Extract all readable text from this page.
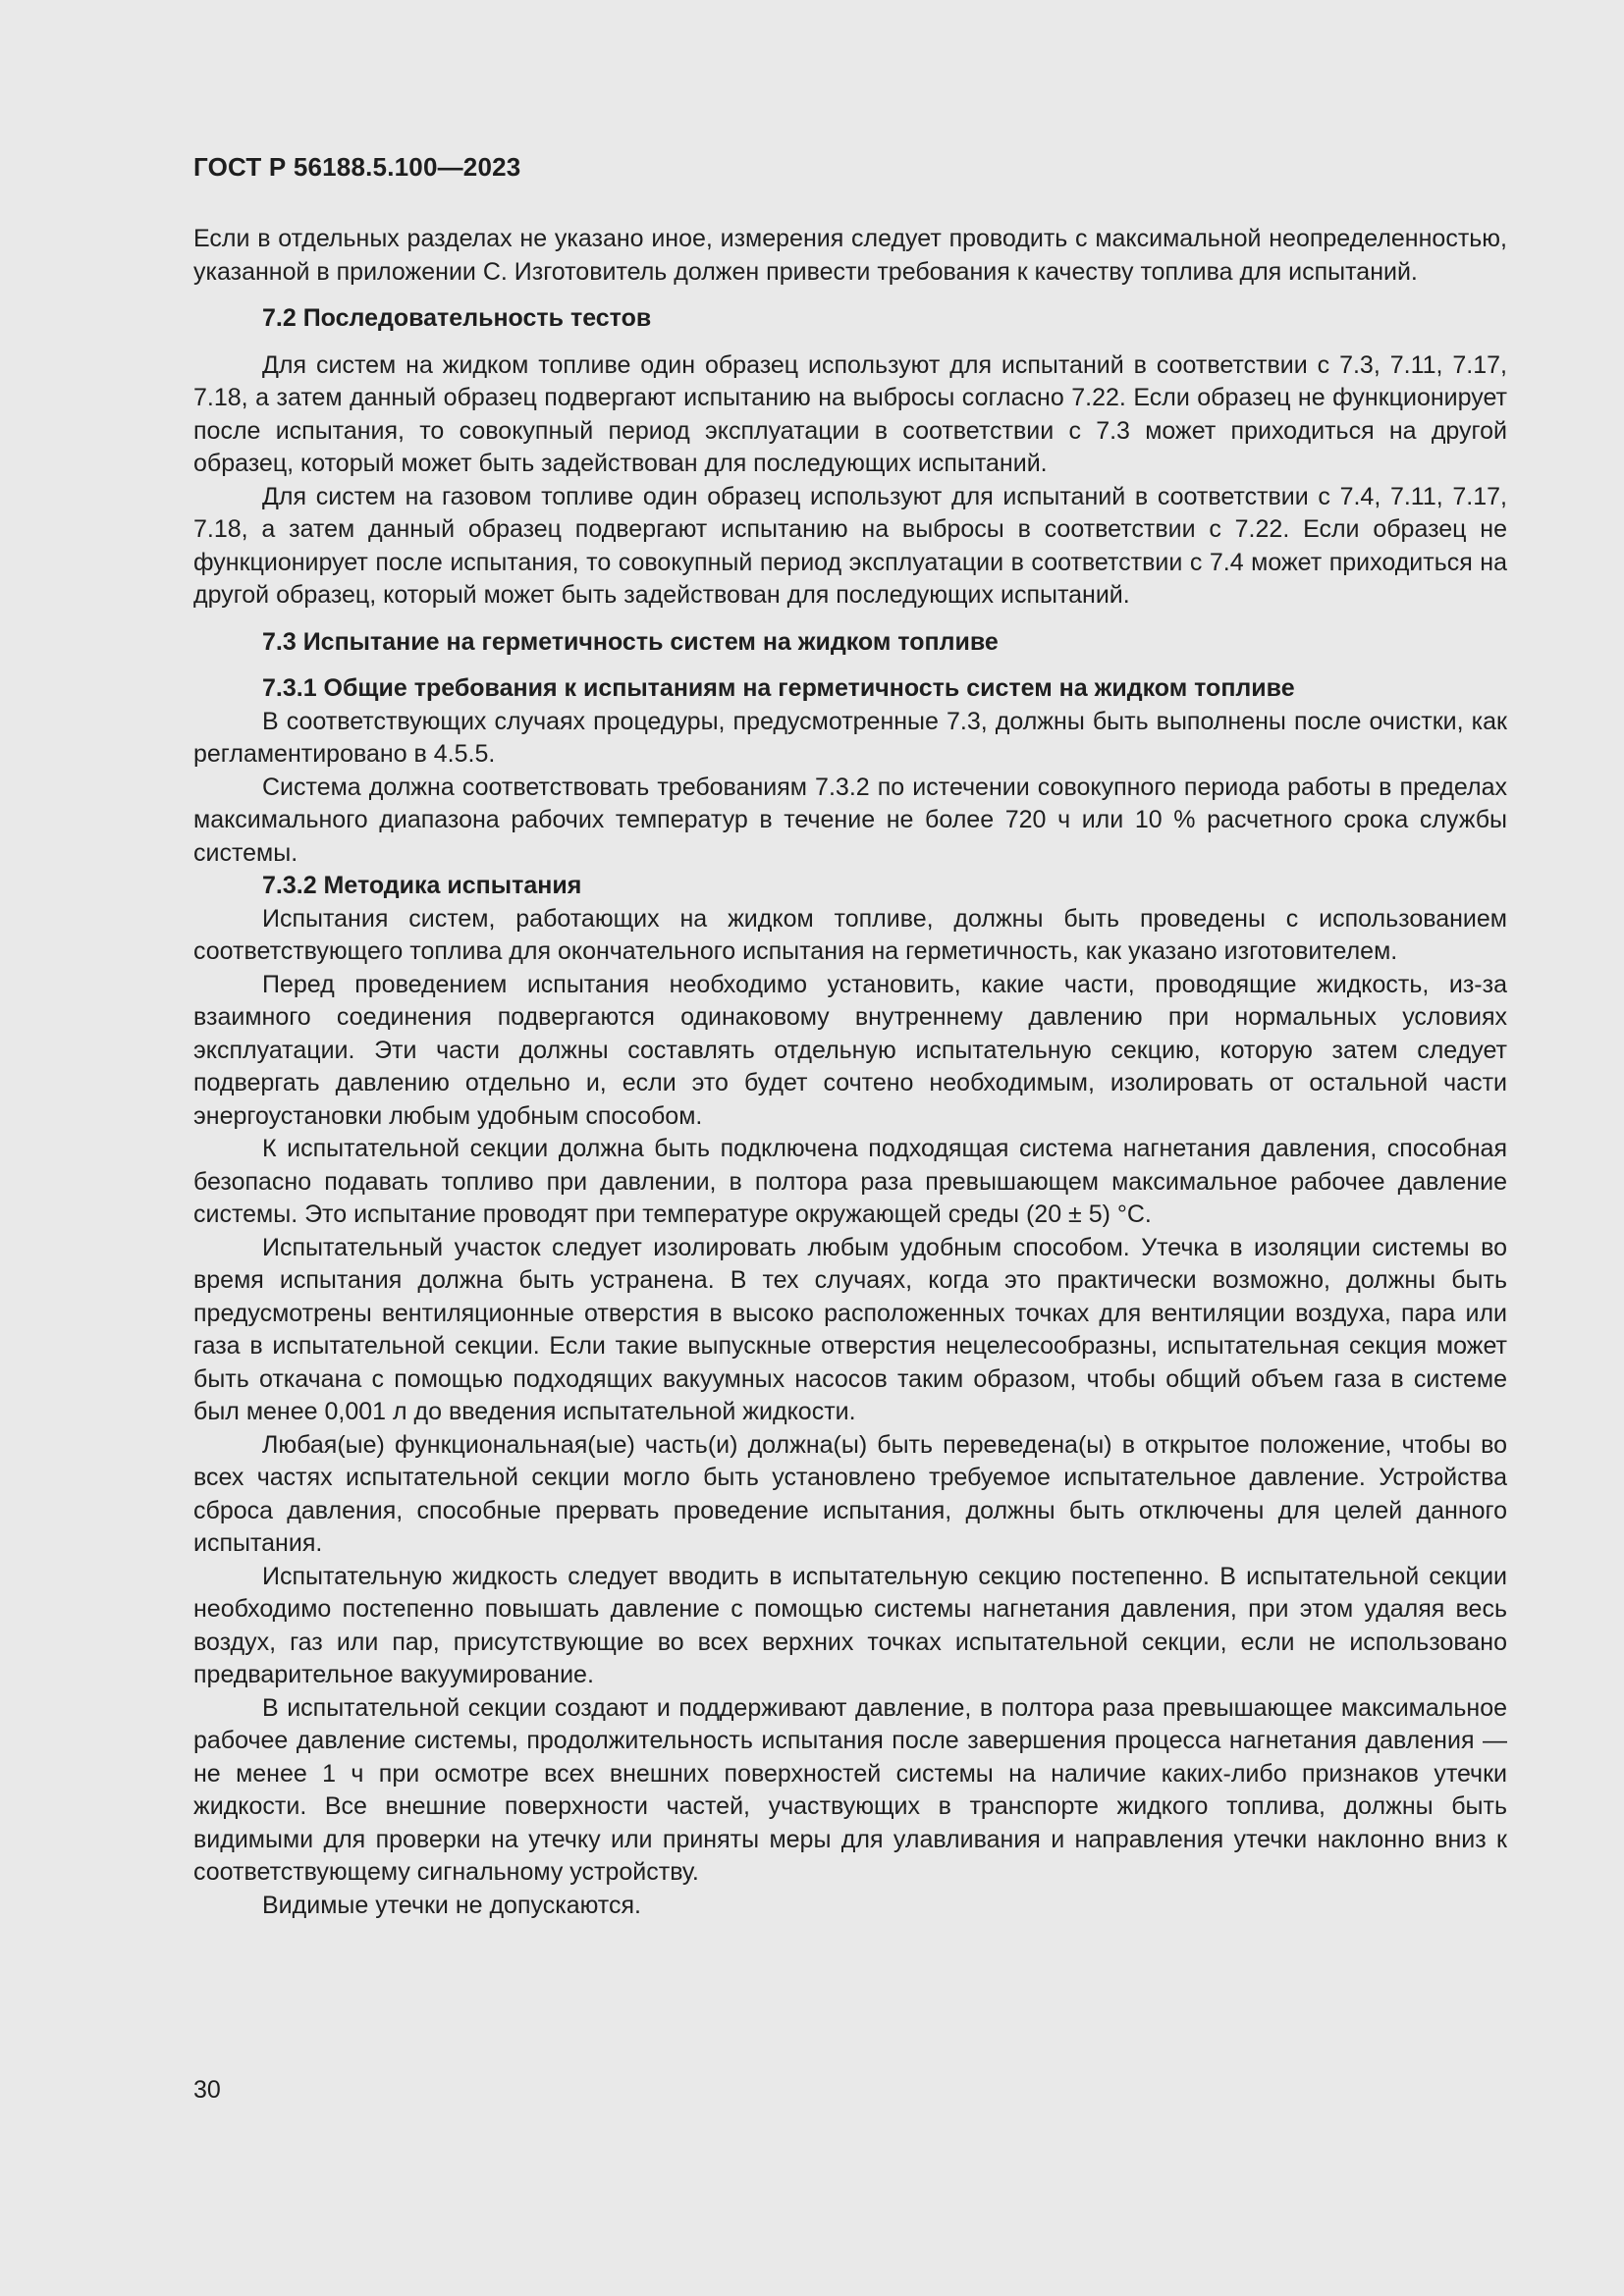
ГОСТ Р 56188.5.100—2023

Если в отдельных разделах не указано иное, измерения следует проводить с максимальной неопределенностью, указанной в приложении С. Изготовитель должен привести требования к качеству топлива для испытаний.

7.2 Последовательность тестов

Для систем на жидком топливе один образец используют для испытаний в соответствии с 7.3, 7.11, 7.17, 7.18, а затем данный образец подвергают испытанию на выбросы согласно 7.22. Если образец не функционирует после испытания, то совокупный период эксплуатации в соответствии с 7.3 может приходиться на другой образец, который может быть задействован для последующих испытаний.

Для систем на газовом топливе один образец используют для испытаний в соответствии с 7.4, 7.11, 7.17, 7.18, а затем данный образец подвергают испытанию на выбросы в соответствии с 7.22. Если образец не функционирует после испытания, то совокупный период эксплуатации в соответствии с 7.4 может приходиться на другой образец, который может быть задействован для последующих испытаний.

7.3 Испытание на герметичность систем на жидком топливе

7.3.1 Общие требования к испытаниям на герметичность систем на жидком топливе

В соответствующих случаях процедуры, предусмотренные 7.3, должны быть выполнены после очистки, как регламентировано в 4.5.5.

Система должна соответствовать требованиям 7.3.2 по истечении совокупного периода работы в пределах максимального диапазона рабочих температур в течение не более 720 ч или 10 % расчетного срока службы системы.

7.3.2 Методика испытания

Испытания систем, работающих на жидком топливе, должны быть проведены с использованием соответствующего топлива для окончательного испытания на герметичность, как указано изготовителем.

Перед проведением испытания необходимо установить, какие части, проводящие жидкость, из-за взаимного соединения подвергаются одинаковому внутреннему давлению при нормальных условиях эксплуатации. Эти части должны составлять отдельную испытательную секцию, которую затем следует подвергать давлению отдельно и, если это будет сочтено необходимым, изолировать от остальной части энергоустановки любым удобным способом.

К испытательной секции должна быть подключена подходящая система нагнетания давления, способная безопасно подавать топливо при давлении, в полтора раза превышающем максимальное рабочее давление системы. Это испытание проводят при температуре окружающей среды (20 ± 5) °С.

Испытательный участок следует изолировать любым удобным способом. Утечка в изоляции системы во время испытания должна быть устранена. В тех случаях, когда это практически возможно, должны быть предусмотрены вентиляционные отверстия в высоко расположенных точках для вентиляции воздуха, пара или газа в испытательной секции. Если такие выпускные отверстия нецелесообразны, испытательная секция может быть откачана с помощью подходящих вакуумных насосов таким образом, чтобы общий объем газа в системе был менее 0,001 л до введения испытательной жидкости.

Любая(ые) функциональная(ые) часть(и) должна(ы) быть переведена(ы) в открытое положение, чтобы во всех частях испытательной секции могло быть установлено требуемое испытательное давление. Устройства сброса давления, способные прервать проведение испытания, должны быть отключены для целей данного испытания.

Испытательную жидкость следует вводить в испытательную секцию постепенно. В испытательной секции необходимо постепенно повышать давление с помощью системы нагнетания давления, при этом удаляя весь воздух, газ или пар, присутствующие во всех верхних точках испытательной секции, если не использовано предварительное вакуумирование.

В испытательной секции создают и поддерживают давление, в полтора раза превышающее максимальное рабочее давление системы, продолжительность испытания после завершения процесса нагнетания давления — не менее 1 ч при осмотре всех внешних поверхностей системы на наличие каких-либо признаков утечки жидкости. Все внешние поверхности частей, участвующих в транспорте жидкого топлива, должны быть видимыми для проверки на утечку или приняты меры для улавливания и направления утечки наклонно вниз к соответствующему сигнальному устройству.

Видимые утечки не допускаются.

30
